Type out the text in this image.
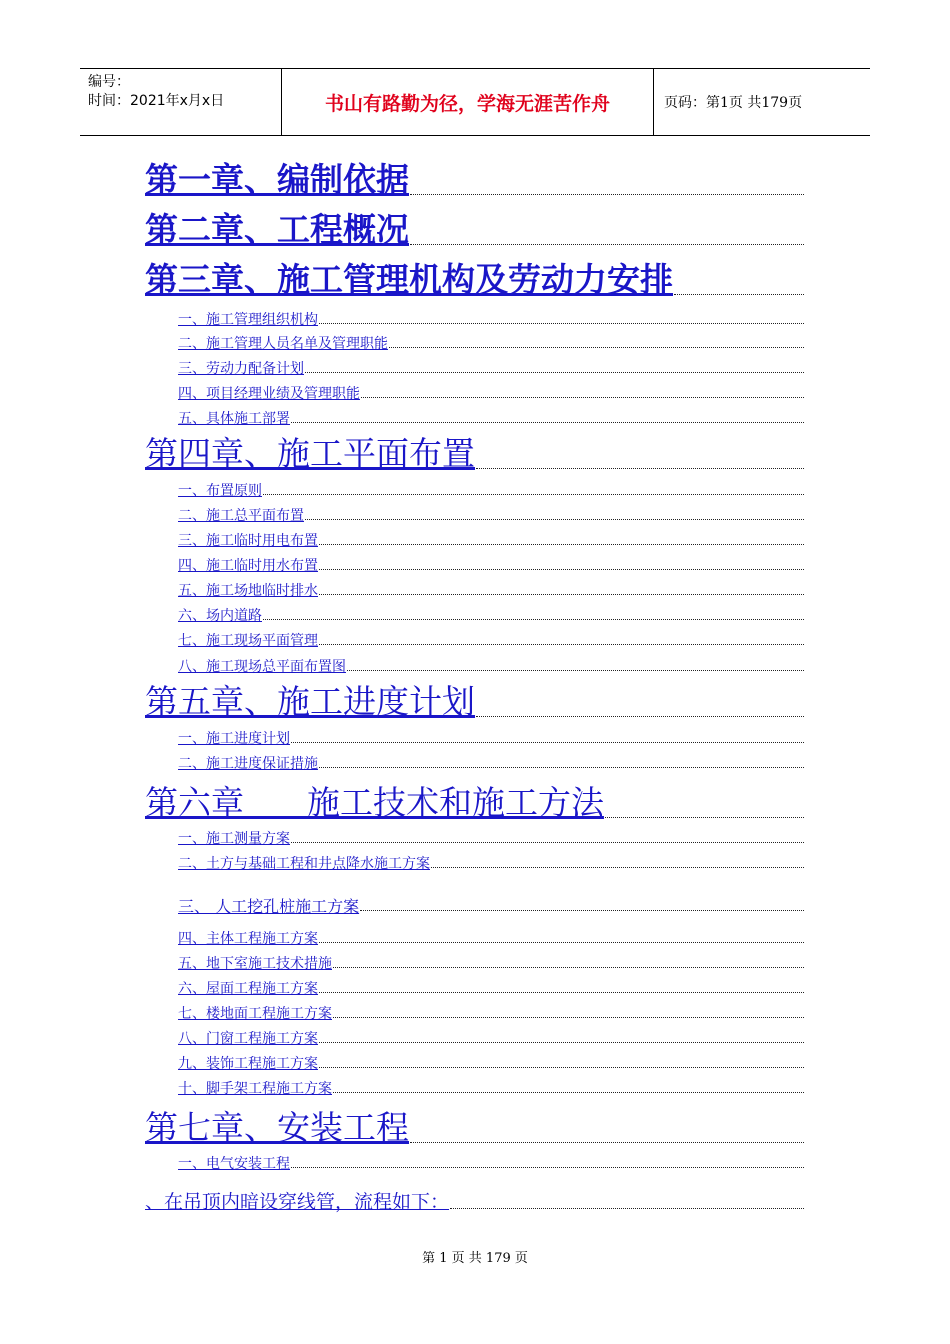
编号：
时间：2021年x月x日	书山有路勤为径，学海无涯苦作舟	页码：第1页 共179页
第一章、编制依据
第二章、工程概况
第三章、施工管理机构及劳动力安排
一、施工管理组织机构
二、施工管理人员名单及管理职能
三、劳动力配备计划
四、项目经理业绩及管理职能
五、具体施工部署
第四章、施工平面布置
一、布置原则
二、施工总平面布置
三、施工临时用电布置
四、施工临时用水布置
五、施工场地临时排水
六、场内道路
七、施工现场平面管理
八、施工现场总平面布置图
第五章、施工进度计划
一、施工进度计划
二、施工进度保证措施
第六章      施工技术和施工方法
一、施工测量方案
二、土方与基础工程和井点降水施工方案
三、 人工挖孔桩施工方案
四、主体工程施工方案
五、地下室施工技术措施
六、屋面工程施工方案
七、楼地面工程施工方案
八、门窗工程施工方案
九、装饰工程施工方案
十、脚手架工程施工方案
第七章、安装工程
一、电气安装工程
、在吊顶内暗设穿线管，流程如下：
第 1 页 共 179 页
